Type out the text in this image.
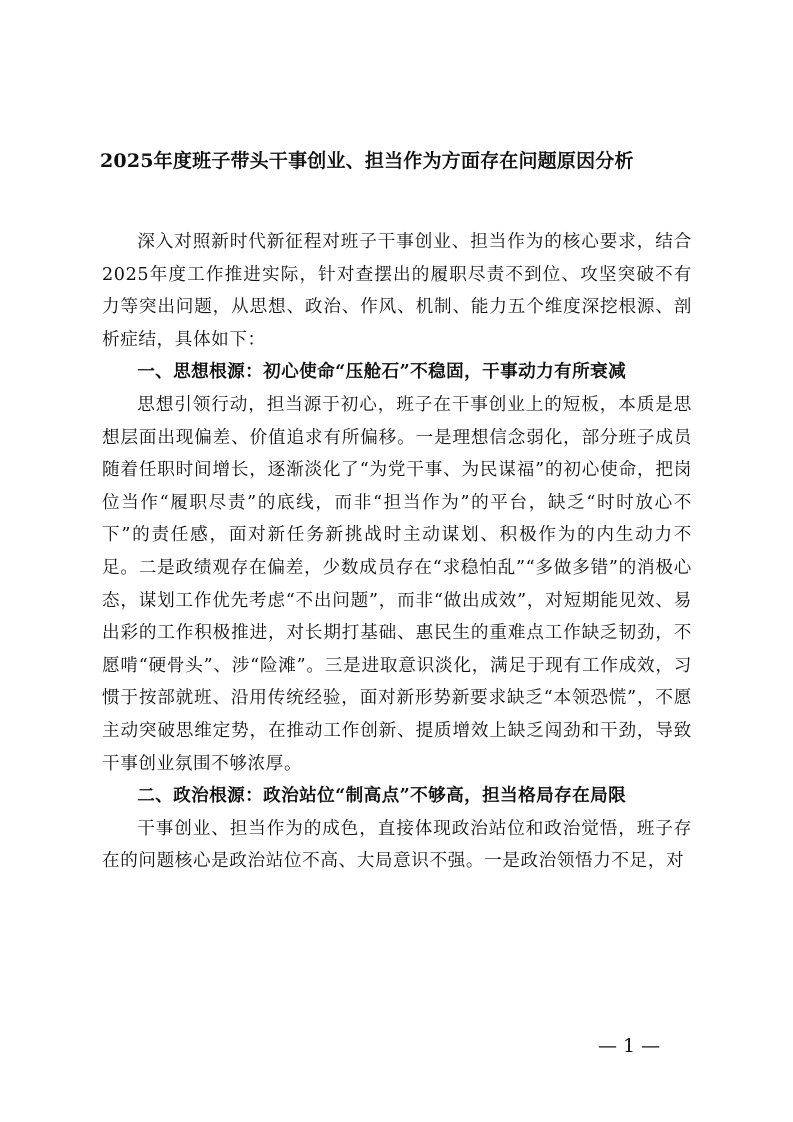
2025年度班子带头干事创业、担当作为方面存在问题原因分析

深入对照新时代新征程对班子干事创业、担当作为的核心要求，结合2025年度工作推进实际，针对查摆出的履职尽责不到位、攻坚突破不有力等突出问题，从思想、政治、作风、机制、能力五个维度深挖根源、剖析症结，具体如下：

一、思想根源：初心使命“压舱石”不稳固，干事动力有所衰减

思想引领行动，担当源于初心，班子在干事创业上的短板，本质是思想层面出现偏差、价值追求有所偏移。一是理想信念弱化，部分班子成员随着任职时间增长，逐渐淡化了“为党干事、为民谋福”的初心使命，把岗位当作“履职尽责”的底线，而非“担当作为”的平台，缺乏“时时放心不下”的责任感，面对新任务新挑战时主动谋划、积极作为的内生动力不足。二是政绩观存在偏差，少数成员存在“求稳怕乱”“多做多错”的消极心态，谋划工作优先考虑“不出问题”，而非“做出成效”，对短期能见效、易出彩的工作积极推进，对长期打基础、惠民生的重难点工作缺乏韧劲，不愿啃“硬骨头”、涉“险滩”。三是进取意识淡化，满足于现有工作成效，习惯于按部就班、沿用传统经验，面对新形势新要求缺乏“本领恐慌”，不愿主动突破思维定势，在推动工作创新、提质增效上缺乏闯劲和干劲，导致干事创业氛围不够浓厚。

二、政治根源：政治站位“制高点”不够高，担当格局存在局限

干事创业、担当作为的成色，直接体现政治站位和政治觉悟，班子存在的问题核心是政治站位不高、大局意识不强。一是政治领悟力不足，对

— 1 —
